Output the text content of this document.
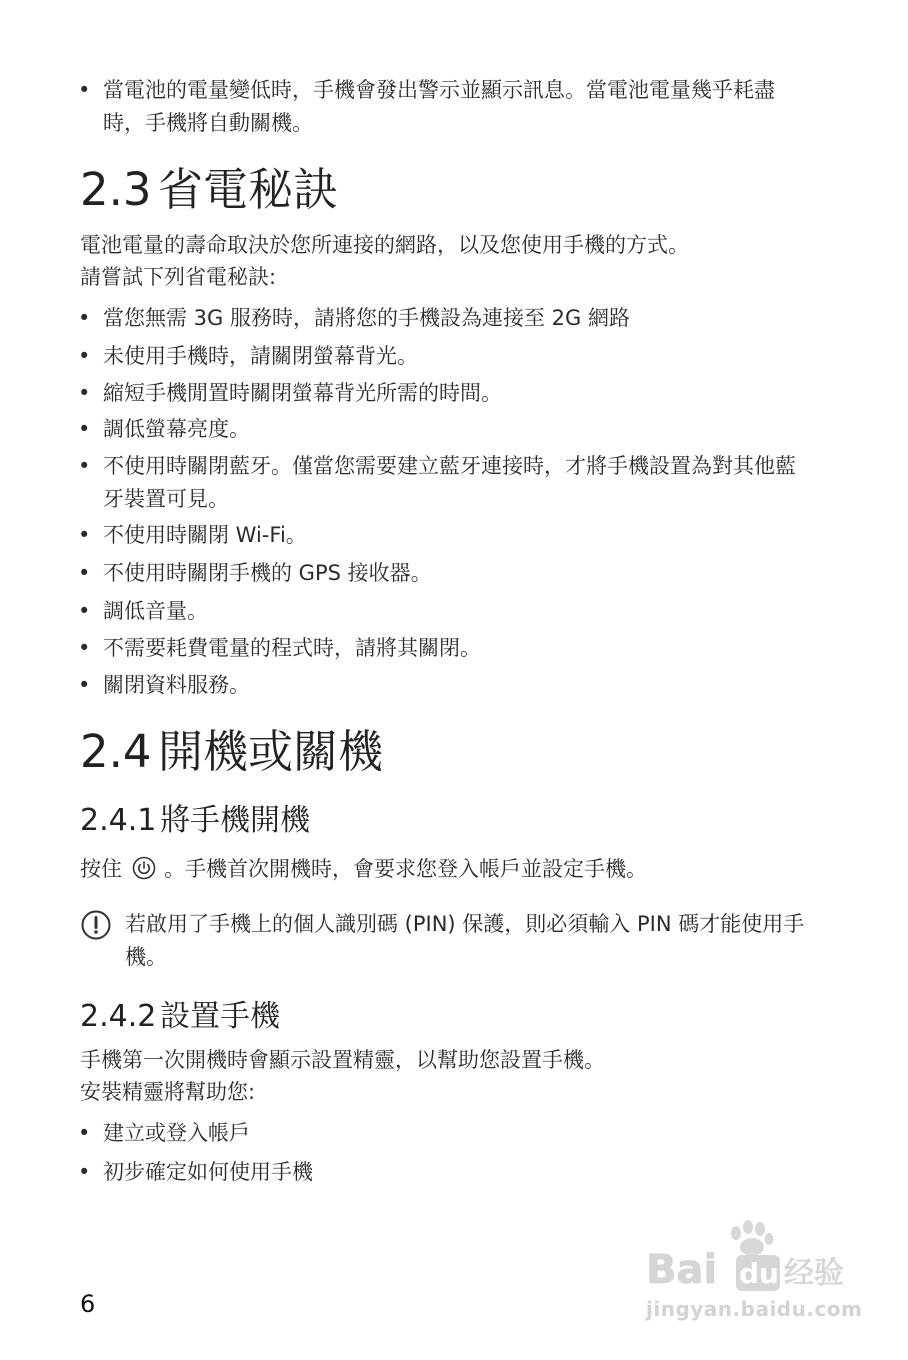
• 當電池的電量變低時，手機會發出警示並顯示訊息。當電池電量幾乎耗盡
時，手機將自動關機。
2.3 省電秘訣
電池電量的壽命取決於您所連接的網路，以及您使用手機的方式。
請嘗試下列省電秘訣:
• 當您無需 3G 服務時，請將您的手機設為連接至 2G 網路
• 未使用手機時，請關閉螢幕背光。
• 縮短手機閒置時關閉螢幕背光所需的時間。
• 調低螢幕亮度。
• 不使用時關閉藍牙。僅當您需要建立藍牙連接時，才將手機設置為對其他藍
牙裝置可見。
• 不使用時關閉 Wi-Fi。
• 不使用時關閉手機的 GPS 接收器。
• 調低音量。
• 不需要耗費電量的程式時，請將其關閉。
• 關閉資料服務。
2.4 開機或關機
2.4.1 將手機開機
按住 。手機首次開機時，會要求您登入帳戶並設定手機。
若啟用了手機上的個人識別碼 (PIN) 保護，則必須輸入 PIN 碼才能使用手
機。
2.4.2 設置手機
手機第一次開機時會顯示設置精靈，以幫助您設置手機。
安裝精靈將幫助您:
• 建立或登入帳戶
• 初步確定如何使用手機
6
Bai du 经验
jingyan.baidu.com
